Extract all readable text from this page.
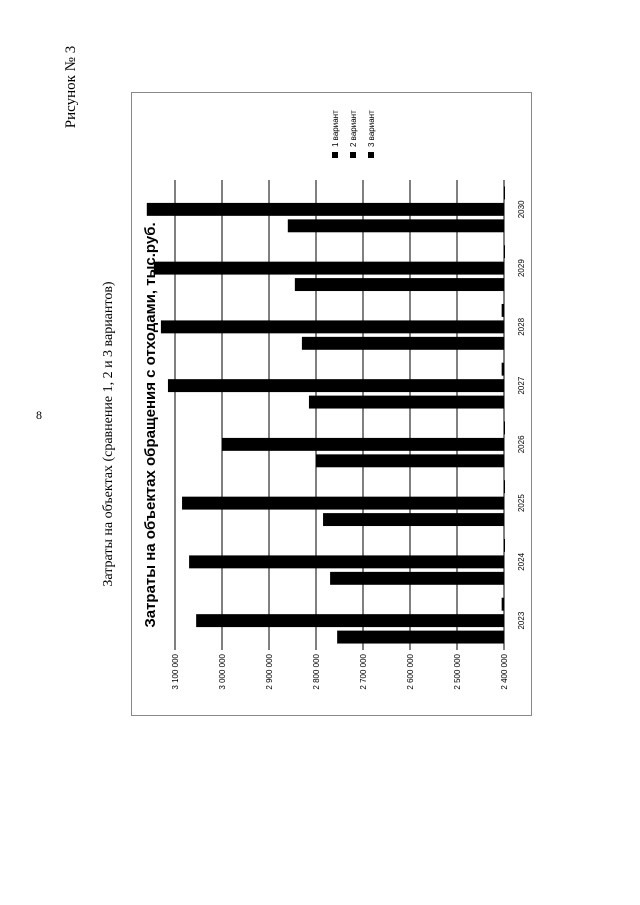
8
Рисунок № 3
Затраты на объектах (сравнение 1, 2 и 3 вариантов)
2 400 000
2 500 000
2 600 000
2 700 000
2 800 000
2 900 000
3 000 000
3 100 000
2023
2024
2025
2026
2027
2028
2029
2030
Затраты на объектах обращения с отходами, тыс.руб.
1 вариант 2 вариант 3 вариант
